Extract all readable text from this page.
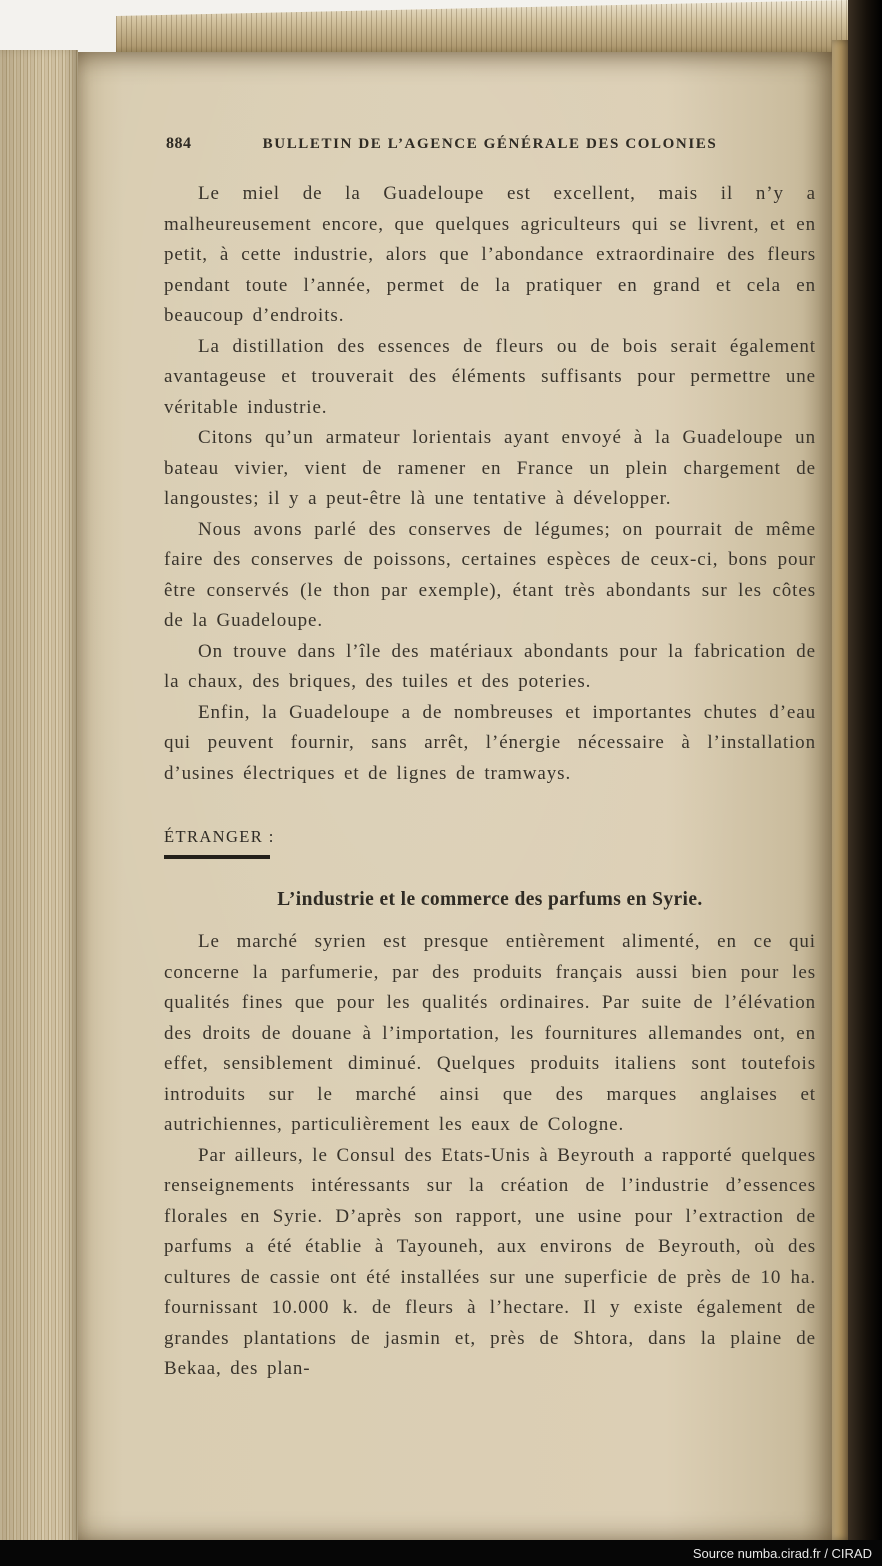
884	BULLETIN DE L’AGENCE GÉNÉRALE DES COLONIES

Le miel de la Guadeloupe est excellent, mais il n’y a malheureusement encore, que quelques agriculteurs qui se livrent, et en petit, à cette industrie, alors que l’abondance extraordinaire des fleurs pendant toute l’année, permet de la pratiquer en grand et cela en beaucoup d’endroits.

La distillation des essences de fleurs ou de bois serait également avantageuse et trouverait des éléments suffisants pour permettre une véritable industrie.

Citons qu’un armateur lorientais ayant envoyé à la Guadeloupe un bateau vivier, vient de ramener en France un plein chargement de langoustes; il y a peut-être là une tentative à développer.

Nous avons parlé des conserves de légumes; on pourrait de même faire des conserves de poissons, certaines espèces de ceux-ci, bons pour être conservés (le thon par exemple), étant très abondants sur les côtes de la Guadeloupe.

On trouve dans l’île des matériaux abondants pour la fabrication de la chaux, des briques, des tuiles et des poteries.

Enfin, la Guadeloupe a de nombreuses et importantes chutes d’eau qui peuvent fournir, sans arrêt, l’énergie nécessaire à l’installation d’usines électriques et de lignes de tramways.

ÉTRANGER :
L’industrie et le commerce des parfums en Syrie.

Le marché syrien est presque entièrement alimenté, en ce qui concerne la parfumerie, par des produits français aussi bien pour les qualités fines que pour les qualités ordinaires. Par suite de l’élévation des droits de douane à l’importation, les fournitures allemandes ont, en effet, sensiblement diminué. Quelques produits italiens sont toutefois introduits sur le marché ainsi que des marques anglaises et autrichiennes, particulièrement les eaux de Cologne.

Par ailleurs, le Consul des Etats-Unis à Beyrouth a rapporté quelques renseignements intéressants sur la création de l’industrie d’essences florales en Syrie. D’après son rapport, une usine pour l’extraction de parfums a été établie à Tayouneh, aux environs de Beyrouth, où des cultures de cassie ont été installées sur une superficie de près de 10 ha. fournissant 10.000 k. de fleurs à l’hectare. Il y existe également de grandes plantations de jasmin et, près de Shtora, dans la plaine de Bekaa, des plan-

Source numba.cirad.fr / CIRAD
